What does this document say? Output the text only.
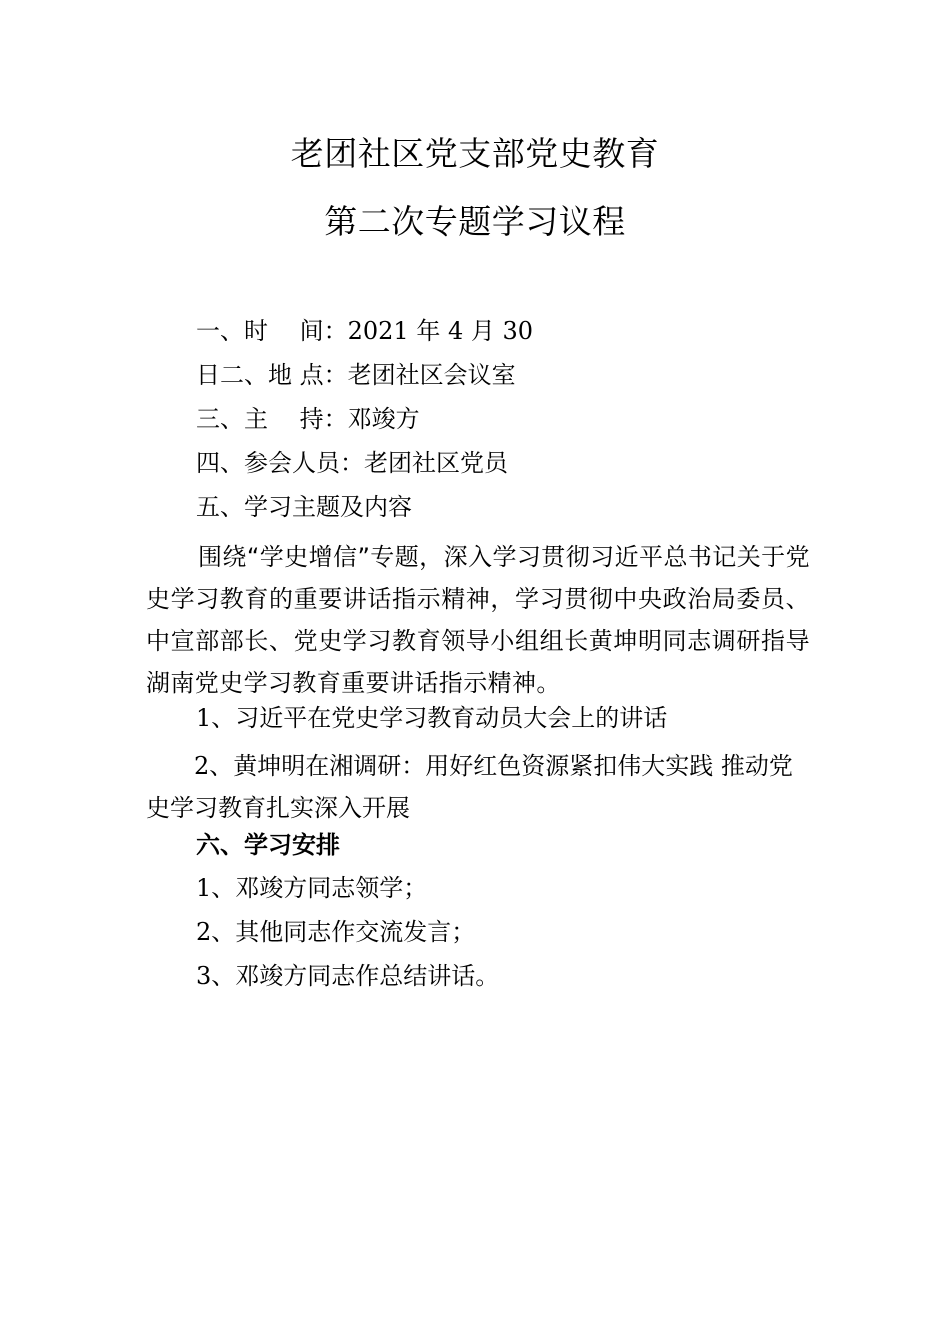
老团社区党支部党史教育
第二次专题学习议程
一、时　 间：2021 年 4 月 30
日二、地 点：老团社区会议室
三、主　 持：邓竣方
四、参会人员：老团社区党员
五、学习主题及内容
围绕“学史增信”专题，深入学习贯彻习近平总书记关于党史学习教育的重要讲话指示精神，学习贯彻中央政治局委员、中宣部部长、党史学习教育领导小组组长黄坤明同志调研指导湖南党史学习教育重要讲话指示精神。
1、习近平在党史学习教育动员大会上的讲话
2、黄坤明在湘调研：用好红色资源紧扣伟大实践 推动党史学习教育扎实深入开展
六、学习安排
1、邓竣方同志领学；
2、其他同志作交流发言；
3、邓竣方同志作总结讲话。
